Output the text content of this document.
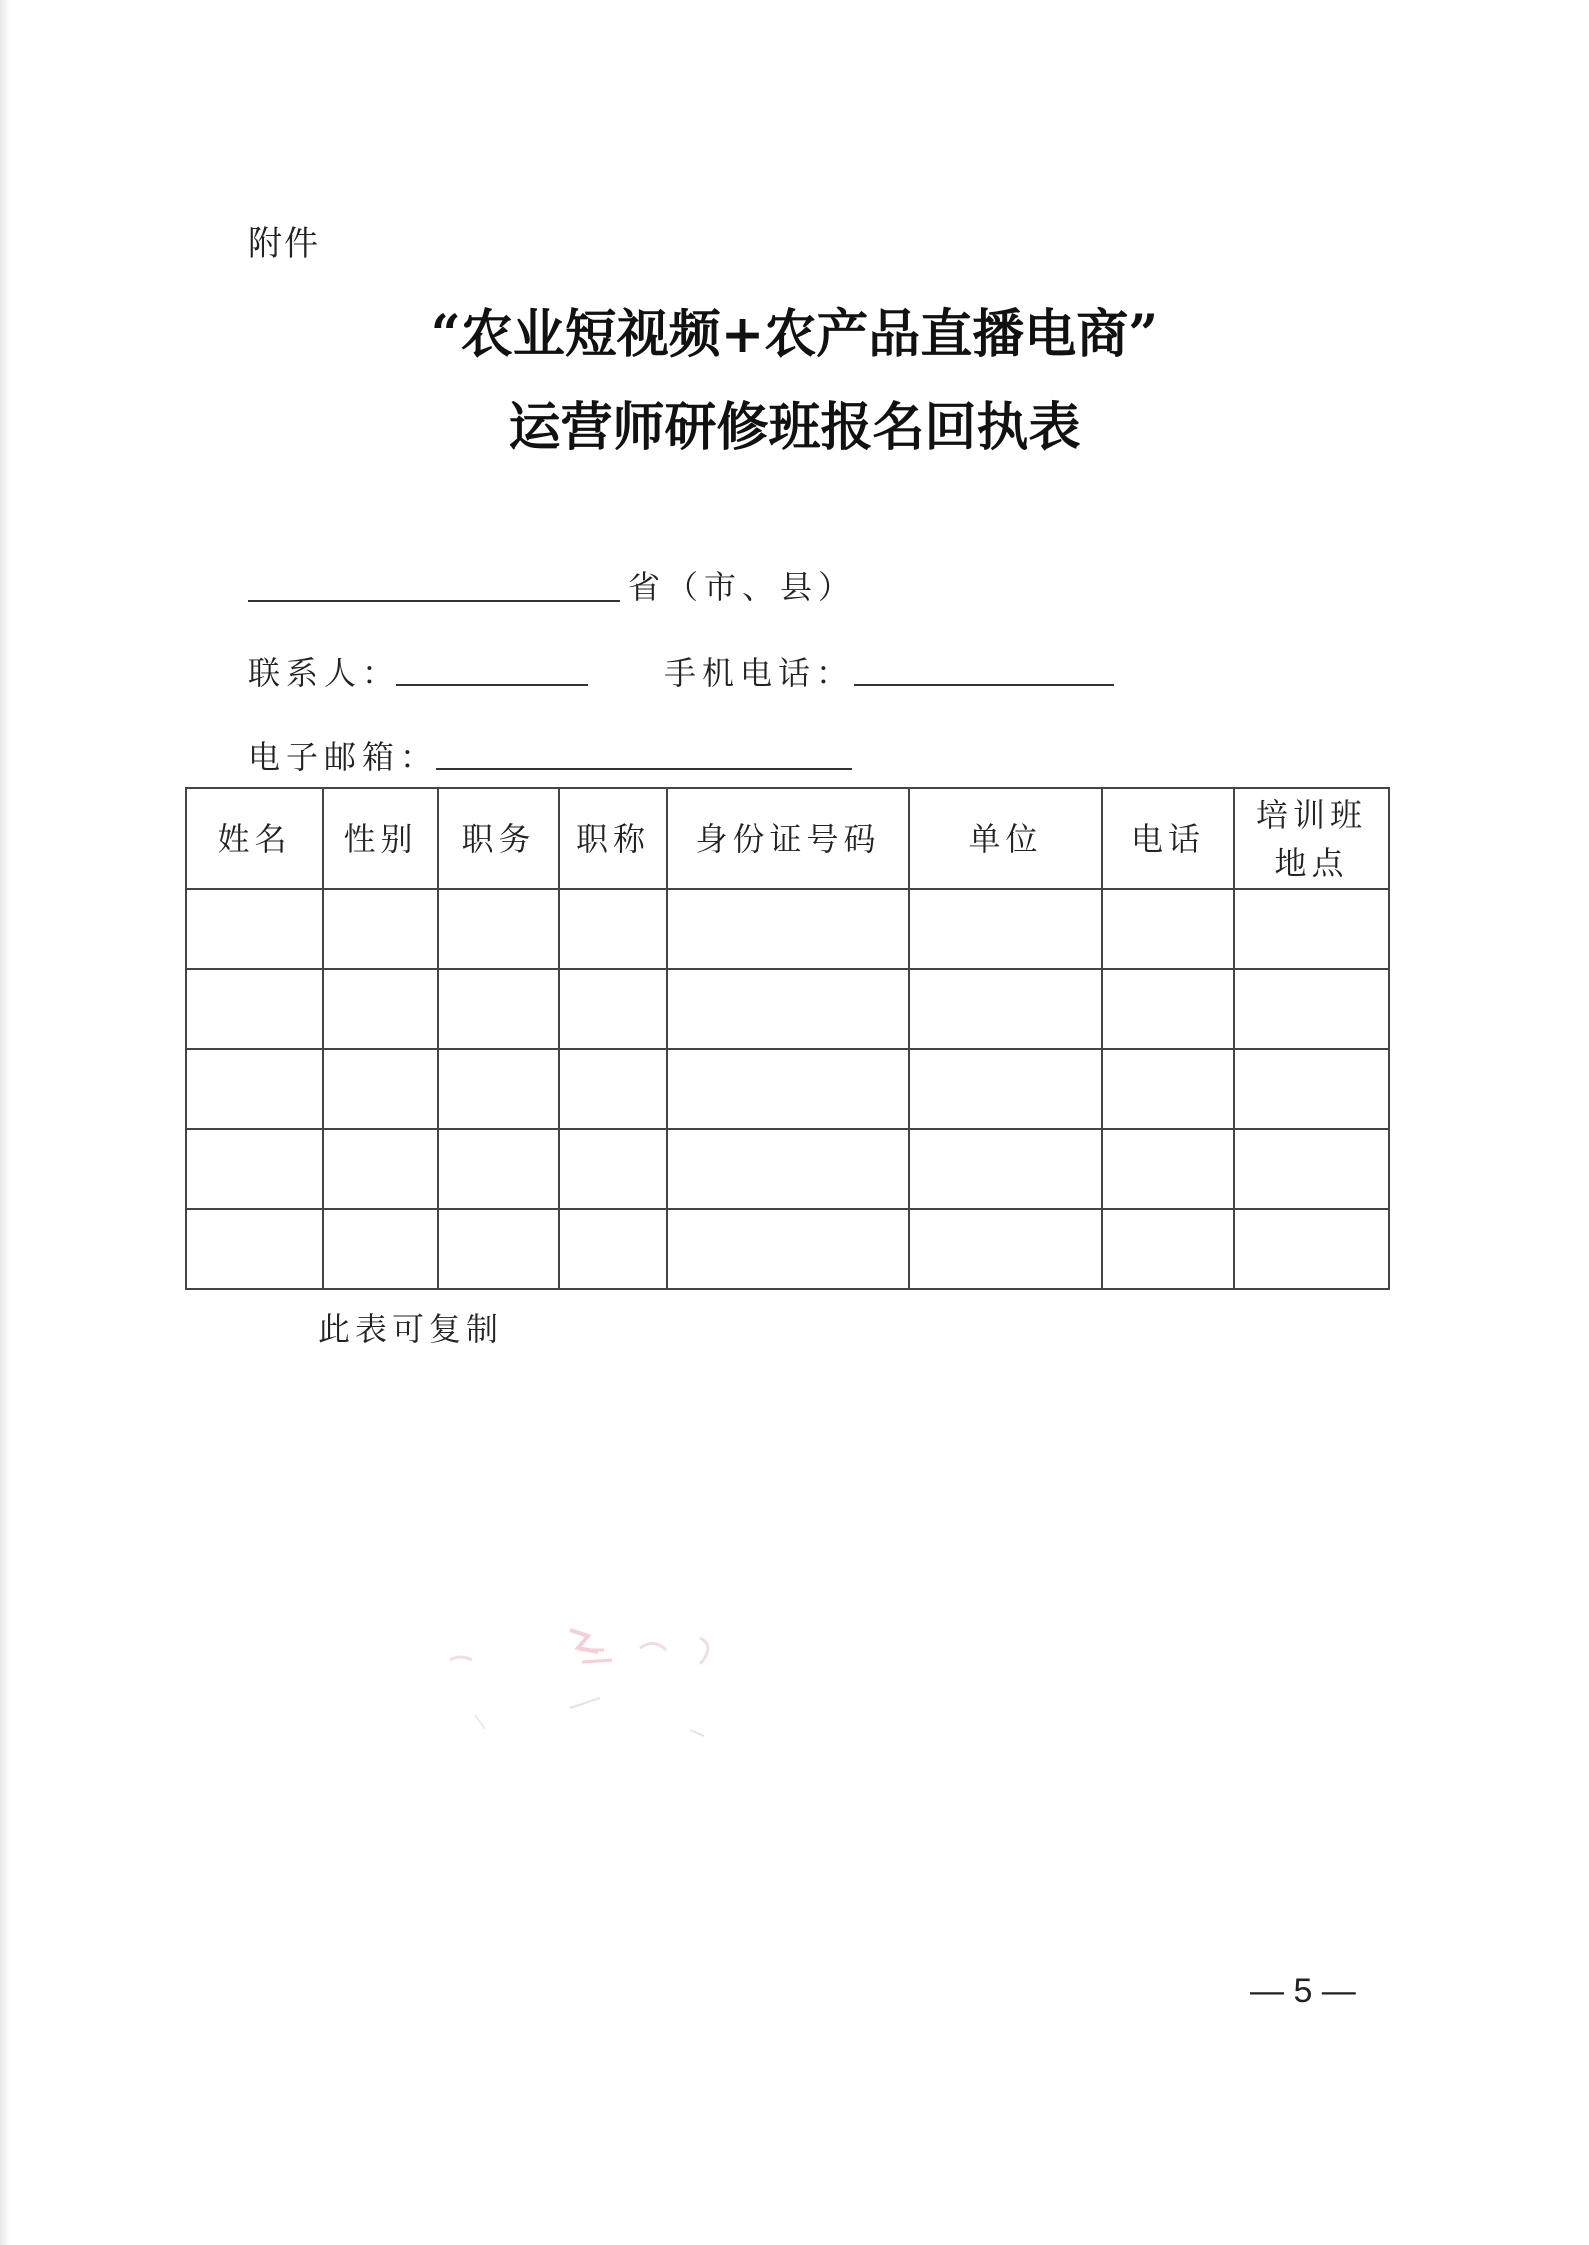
附件
“农业短视频+农产品直播电商”
运营师研修班报名回执表
省（市、县）
联系人：	手机电话：
电子邮箱：
姓名	性别	职务	职称	身份证号码	单位	电话	培训班地点

此表可复制
— 5 —
